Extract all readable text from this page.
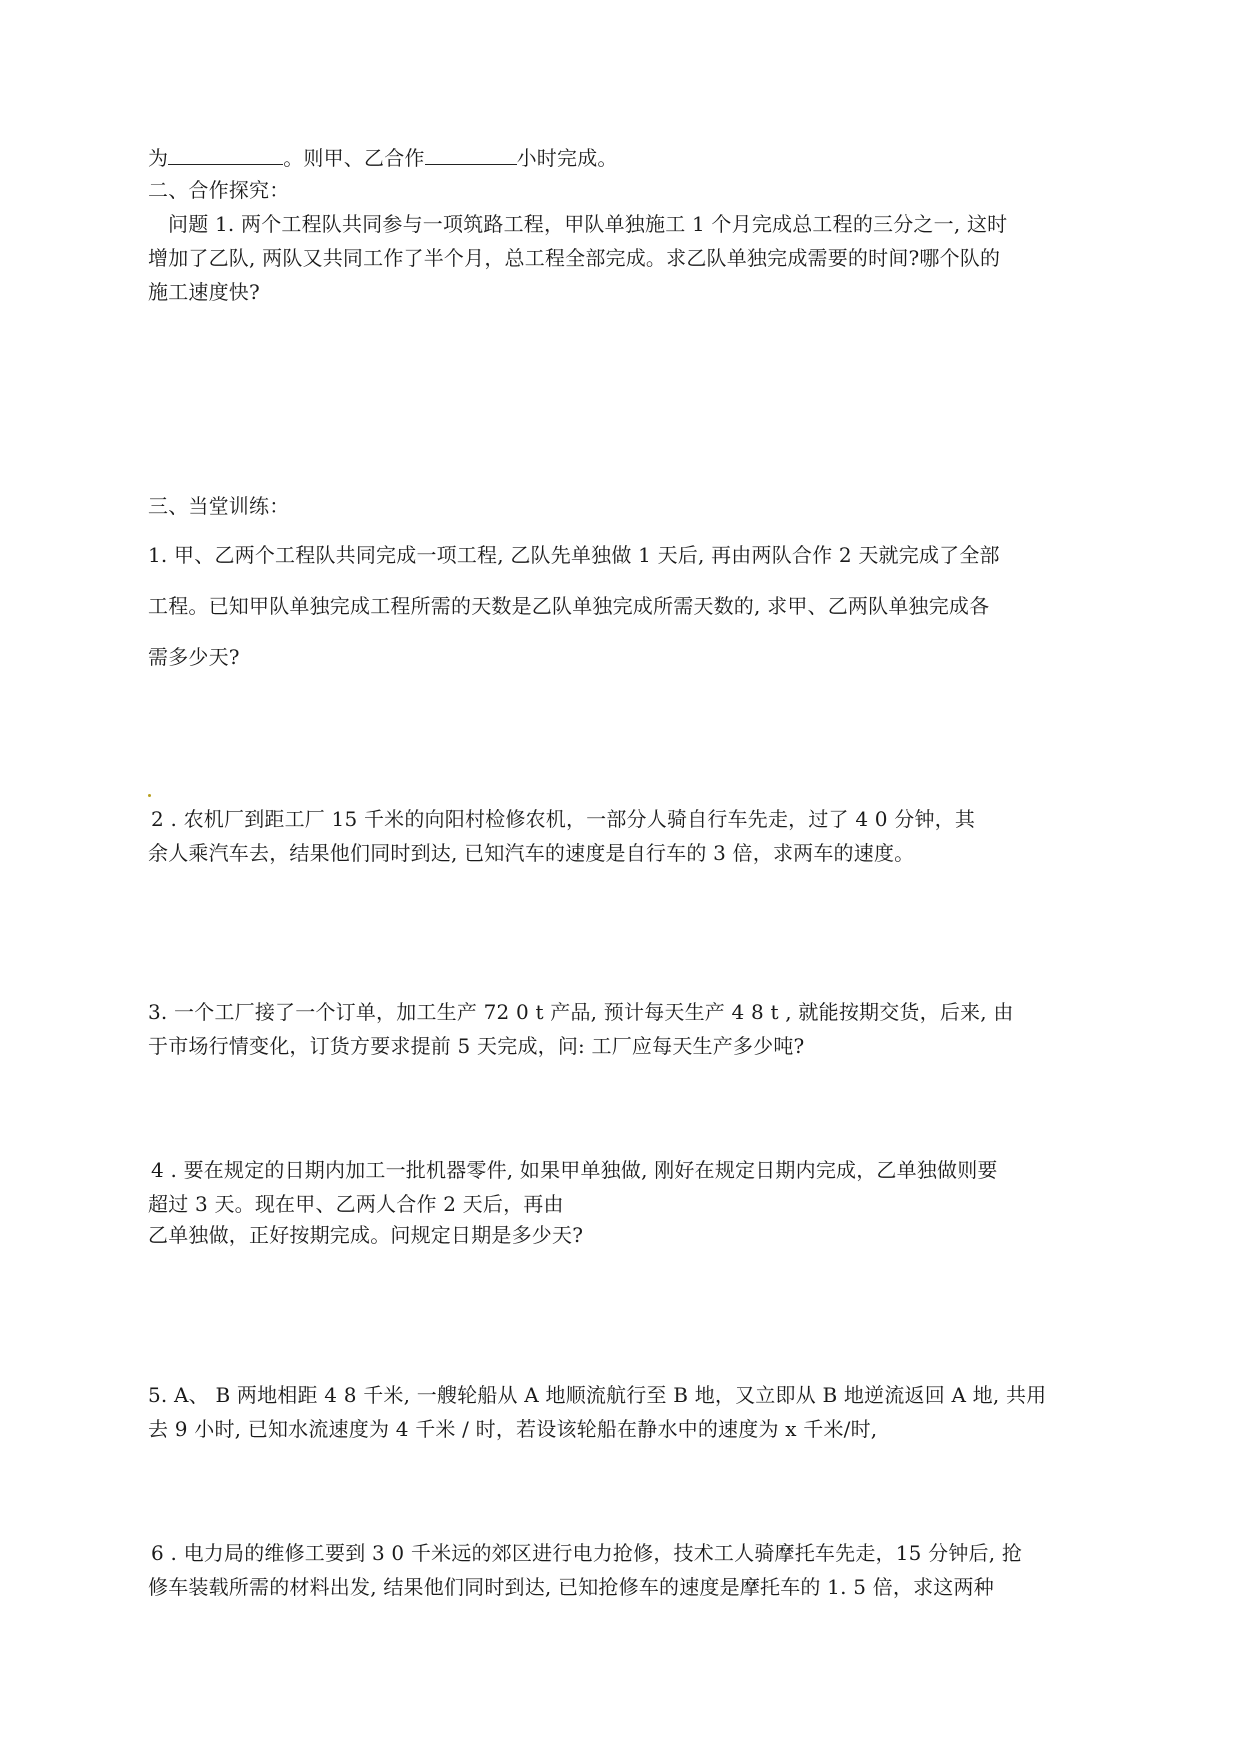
为	。则甲、乙合作	小时完成。
二、合作探究：
问题 1. 两个工程队共同参与一项筑路工程，甲队单独施工 1 个月完成总工程的三分之一, 这时
增加了乙队, 两队又共同工作了半个月，总工程全部完成。求乙队单独完成需要的时间?哪个队的
施工速度快?
三、当堂训练：
1. 甲、乙两个工程队共同完成一项工程, 乙队先单独做 1 天后, 再由两队合作 2 天就完成了全部
工程。已知甲队单独完成工程所需的天数是乙队单独完成所需天数的, 求甲、乙两队单独完成各
需多少天?
2 . 农机厂到距工厂 15 千米的向阳村检修农机，一部分人骑自行车先走，过了 4 0 分钟，其
余人乘汽车去，结果他们同时到达, 已知汽车的速度是自行车的 3 倍，求两车的速度。
3. 一个工厂接了一个订单，加工生产 72 0 t 产品, 预计每天生产 4 8 t , 就能按期交货，后来, 由
于市场行情变化，订货方要求提前 5 天完成，问: 工厂应每天生产多少吨?
4 . 要在规定的日期内加工一批机器零件, 如果甲单独做, 刚好在规定日期内完成，乙单独做则要
超过 3 天。现在甲、乙两人合作 2 天后，再由
乙单独做，正好按期完成。问规定日期是多少天?
5. A、 B 两地相距 4 8 千米, 一艘轮船从 A 地顺流航行至 B 地，又立即从 B 地逆流返回 A 地, 共用
去 9 小时, 已知水流速度为 4 千米 / 时，若设该轮船在静水中的速度为 x 千米/时,
6 . 电力局的维修工要到 3 0 千米远的郊区进行电力抢修，技术工人骑摩托车先走，15 分钟后, 抢
修车装载所需的材料出发, 结果他们同时到达, 已知抢修车的速度是摩托车的 1. 5 倍，求这两种
